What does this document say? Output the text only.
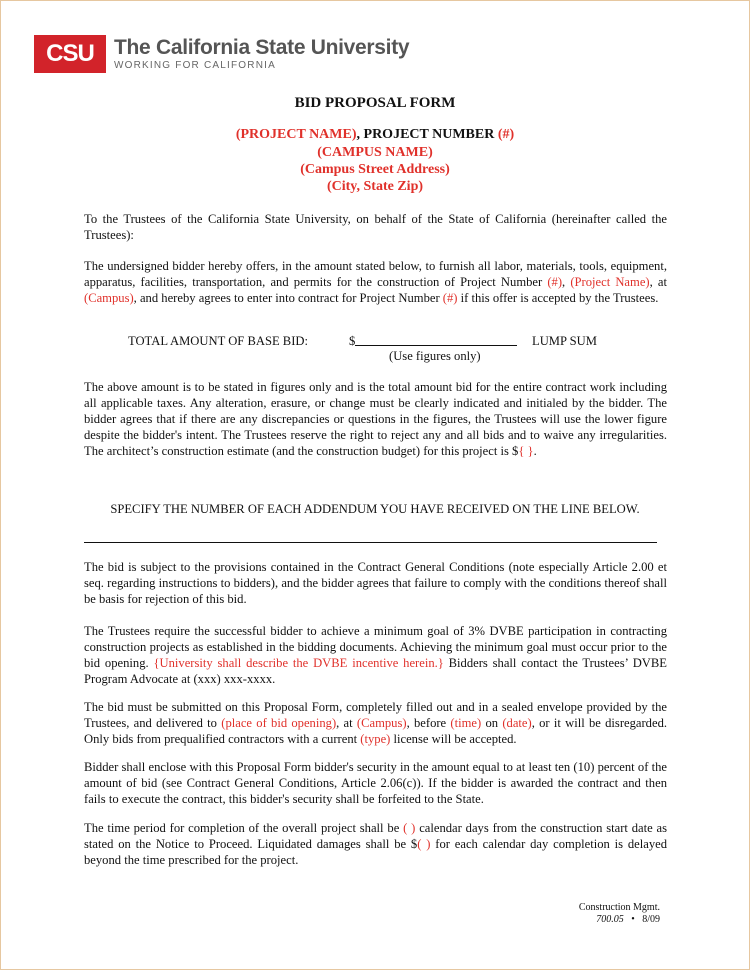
CSU The California State University
WORKING FOR CALIFORNIA
BID PROPOSAL FORM
(PROJECT NAME), PROJECT NUMBER (#)
(CAMPUS NAME)
(Campus Street Address)
(City, State Zip)

To the Trustees of the California State University, on behalf of the State of California (hereinafter called the Trustees):

The undersigned bidder hereby offers, in the amount stated below, to furnish all labor, materials, tools, equipment, apparatus, facilities, transportation, and permits for the construction of Project Number (#), (Project Name), at (Campus), and hereby agrees to enter into contract for Project Number (#) if this offer is accepted by the Trustees.

TOTAL AMOUNT OF BASE BID:	$	LUMP SUM
(Use figures only)

The above amount is to be stated in figures only and is the total amount bid for the entire contract work including all applicable taxes. Any alteration, erasure, or change must be clearly indicated and initialed by the bidder. The bidder agrees that if there are any discrepancies or questions in the figures, the Trustees will use the lower figure despite the bidder's intent. The Trustees reserve the right to reject any and all bids and to waive any irregularities. The architect’s construction estimate (and the construction budget) for this project is ${ }.

SPECIFY THE NUMBER OF EACH ADDENDUM YOU HAVE RECEIVED ON THE LINE BELOW.

The bid is subject to the provisions contained in the Contract General Conditions (note especially Article 2.00 et seq. regarding instructions to bidders), and the bidder agrees that failure to comply with the conditions thereof shall be basis for rejection of this bid.

The Trustees require the successful bidder to achieve a minimum goal of 3% DVBE participation in contracting construction projects as established in the bidding documents. Achieving the minimum goal must occur prior to the bid opening. {University shall describe the DVBE incentive herein.} Bidders shall contact the Trustees’ DVBE Program Advocate at (xxx) xxx-xxxx.

The bid must be submitted on this Proposal Form, completely filled out and in a sealed envelope provided by the Trustees, and delivered to (place of bid opening), at (Campus), before (time) on (date), or it will be disregarded. Only bids from prequalified contractors with a current (type) license will be accepted.

Bidder shall enclose with this Proposal Form bidder's security in the amount equal to at least ten (10) percent of the amount of bid (see Contract General Conditions, Article 2.06(c)). If the bidder is awarded the contract and then fails to execute the contract, this bidder's security shall be forfeited to the State.

The time period for completion of the overall project shall be ( ) calendar days from the construction start date as stated on the Notice to Proceed. Liquidated damages shall be $( ) for each calendar day completion is delayed beyond the time prescribed for the project.

Construction Mgmt.
700.05 • 8/09
